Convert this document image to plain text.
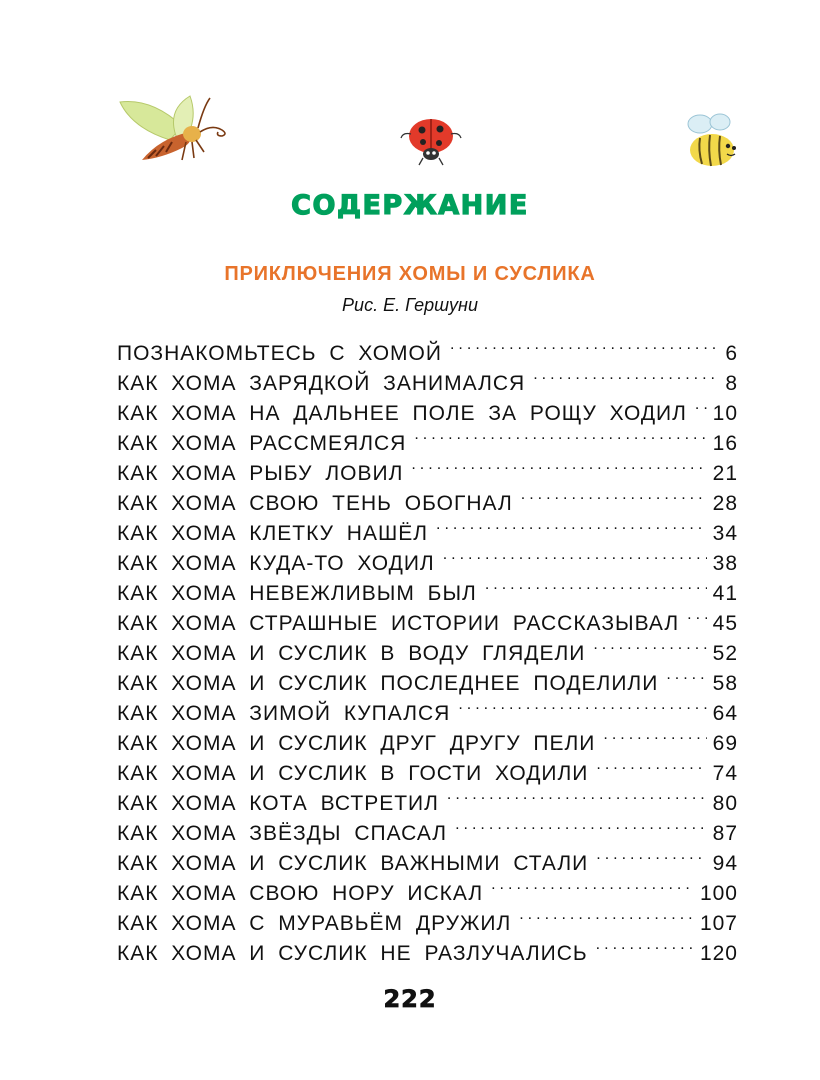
СОДЕРЖАНИЕ
ПРИКЛЮЧЕНИЯ ХОМЫ И СУСЛИКА
Рис. Е. Гершуни
ПОЗНАКОМЬТЕСЬ С ХОМОЙ .....	6
КАК ХОМА ЗАРЯДКОЙ ЗАНИМАЛСЯ .....	8
КАК ХОМА НА ДАЛЬНЕЕ ПОЛЕ ЗА РОЩУ ХОДИЛ ..... 10
КАК ХОМА РАССМЕЯЛСЯ .....	16
КАК ХОМА РЫБУ ЛОВИЛ .....	21
КАК ХОМА СВОЮ ТЕНЬ ОБОГНАЛ .....	28
КАК ХОМА КЛЕТКУ НАШЁЛ .....	34
КАК ХОМА КУДА-ТО ХОДИЛ .....	38
КАК ХОМА НЕВЕЖЛИВЫМ БЫЛ .....	41
КАК ХОМА СТРАШНЫЕ ИСТОРИИ РАССКАЗЫВАЛ ..... 45
КАК ХОМА И СУСЛИК В ВОДУ ГЛЯДЕЛИ .....	52
КАК ХОМА И СУСЛИК ПОСЛЕДНЕЕ ПОДЕЛИЛИ .....	58
КАК ХОМА ЗИМОЙ КУПАЛСЯ .....	64
КАК ХОМА И СУСЛИК ДРУГ ДРУГУ ПЕЛИ .....	69
КАК ХОМА И СУСЛИК В ГОСТИ ХОДИЛИ .....	74
КАК ХОМА КОТА ВСТРЕТИЛ .....	80
КАК ХОМА ЗВЁЗДЫ СПАСАЛ .....	87
КАК ХОМА И СУСЛИК ВАЖНЫМИ СТАЛИ .....	94
КАК ХОМА СВОЮ НОРУ ИСКАЛ .....	100
КАК ХОМА С МУРАВЬЁМ ДРУЖИЛ .....	107
КАК ХОМА И СУСЛИК НЕ РАЗЛУЧАЛИСЬ .....	120
222
